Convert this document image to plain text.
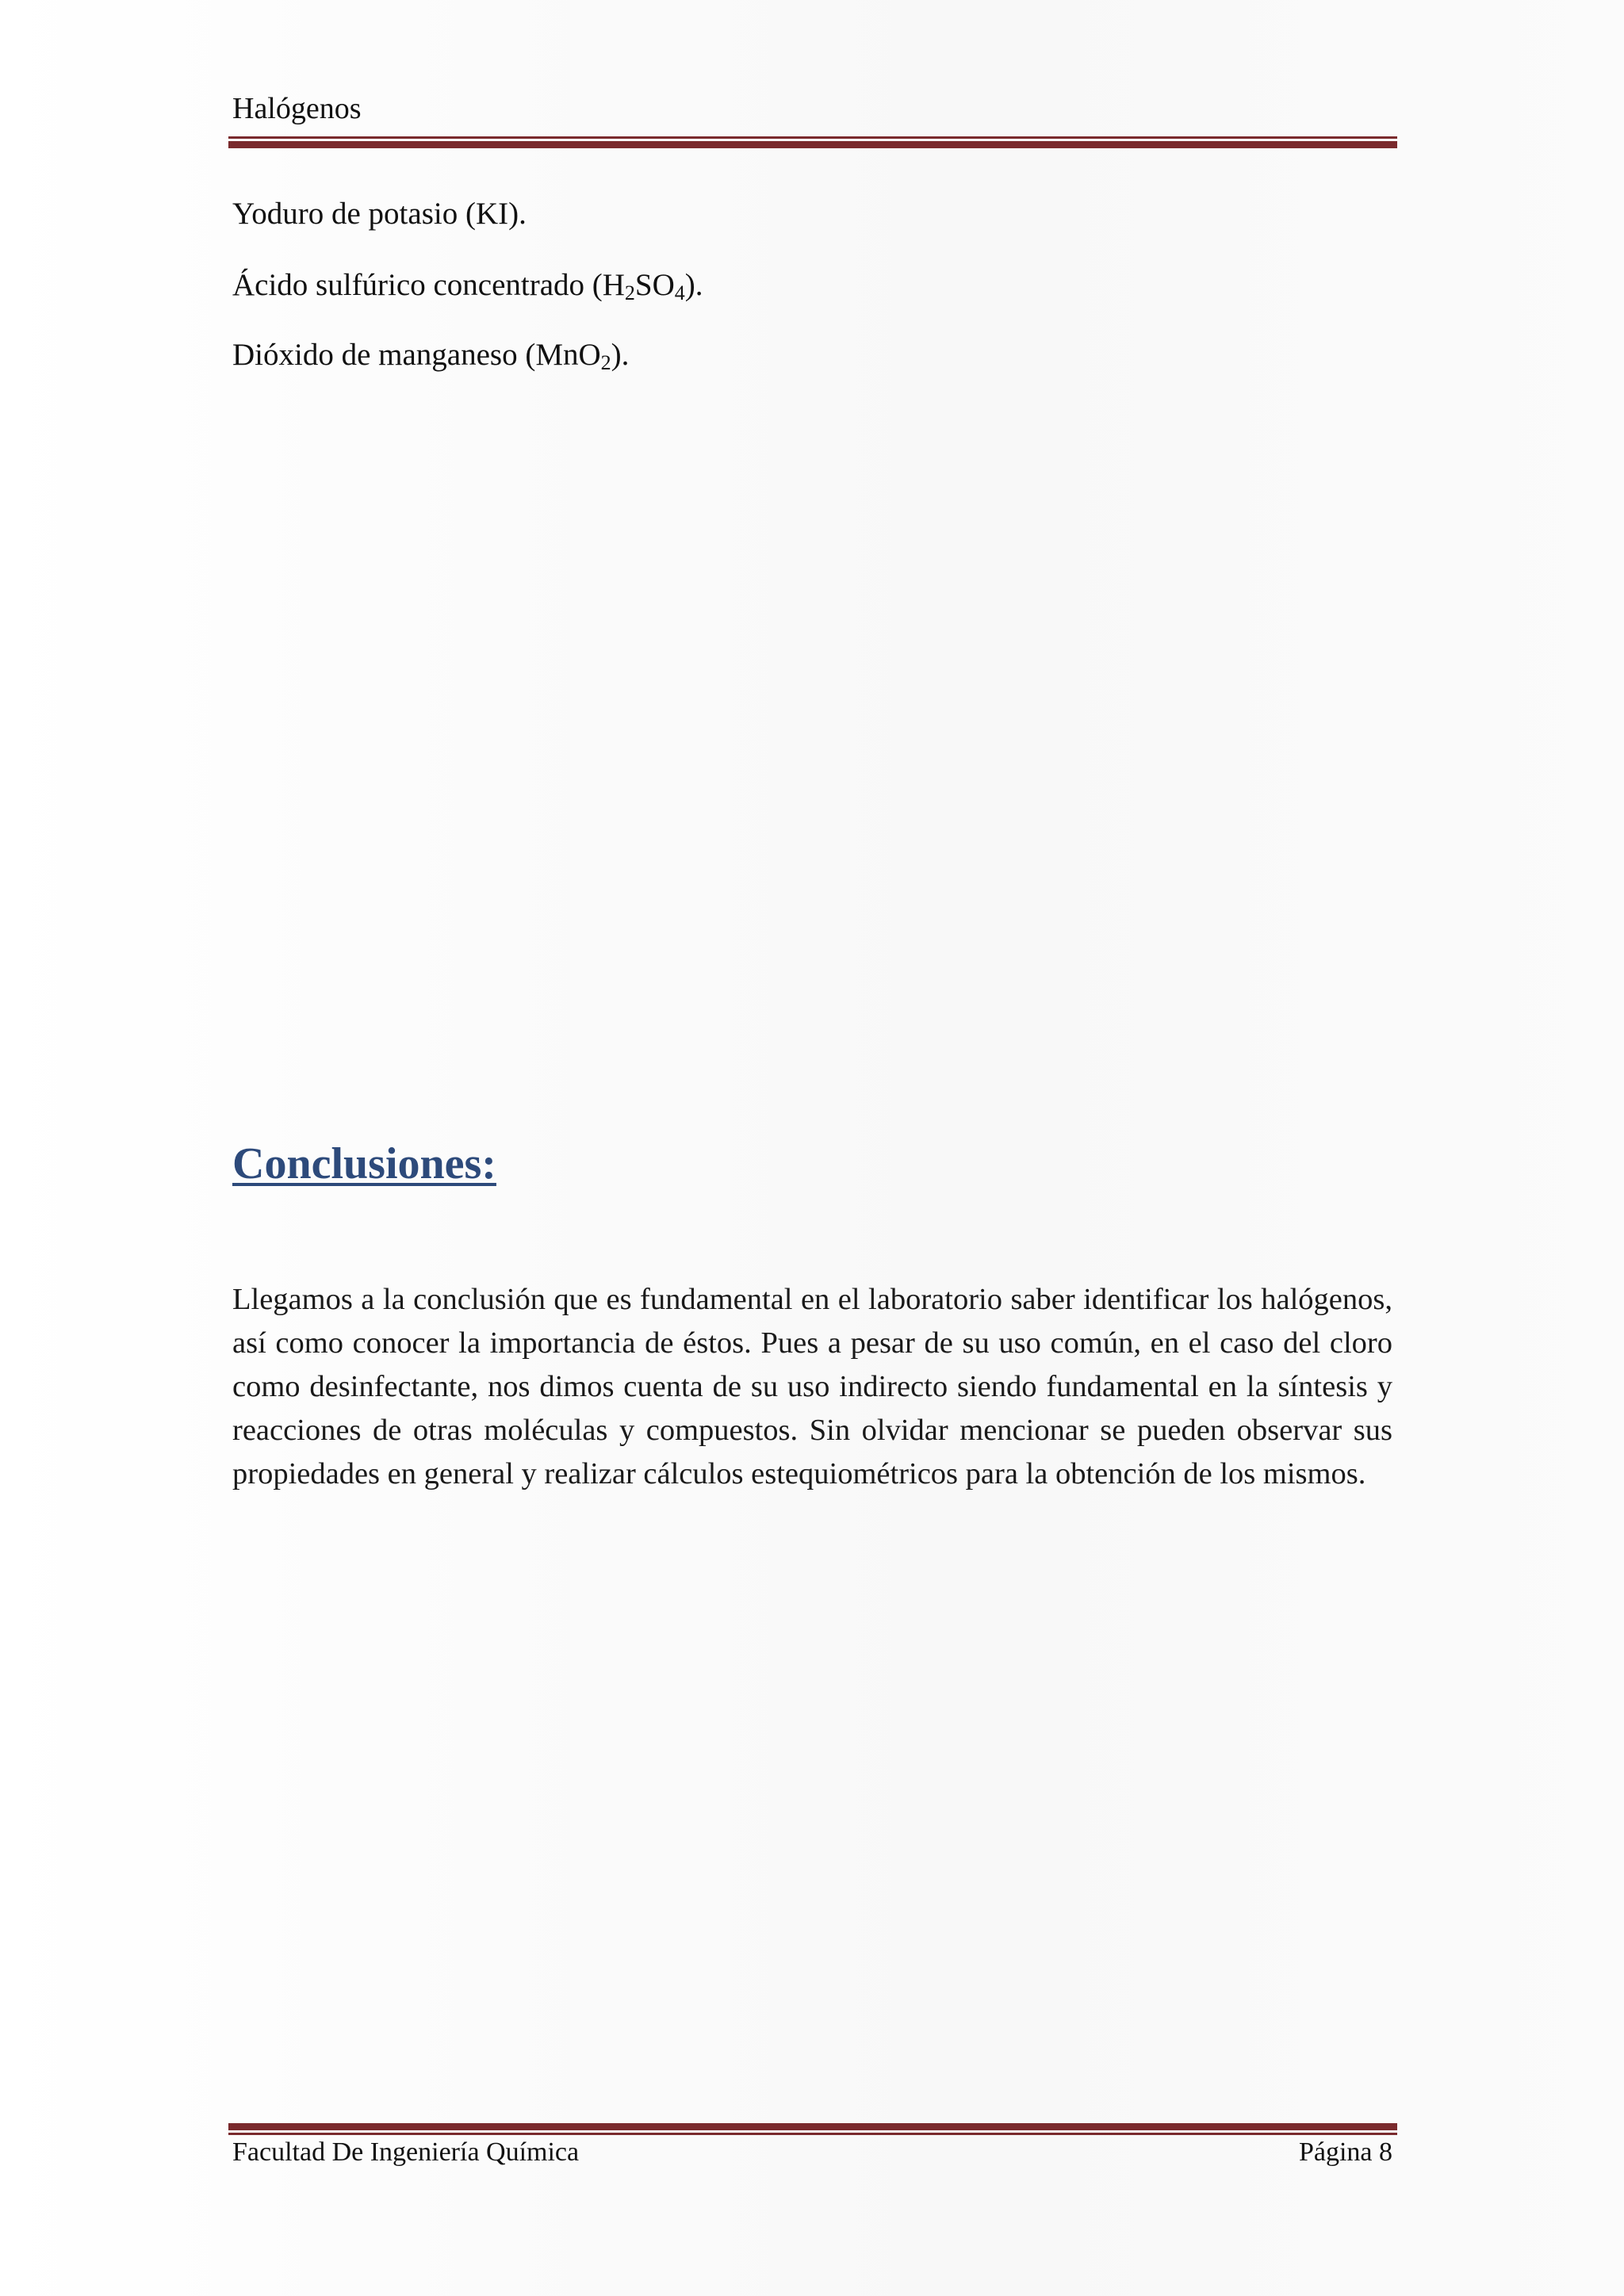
Halógenos
Yoduro de potasio (KI).
Ácido sulfúrico concentrado $(H_2SO_4)$.
Dióxido de manganeso (MnO$_2$).
Conclusiones:
Llegamos a la conclusión que es fundamental en el laboratorio saber identificar los halógenos, así como conocer la importancia de éstos. Pues a pesar de su uso común, en el caso del cloro como desinfectante, nos dimos cuenta de su uso indirecto siendo fundamental en la síntesis y reacciones de otras moléculas y compuestos. Sin olvidar mencionar se pueden observar sus propiedades en general y realizar cálculos estequiométricos para la obtención de los mismos.
Facultad De Ingeniería Química	Página 8
